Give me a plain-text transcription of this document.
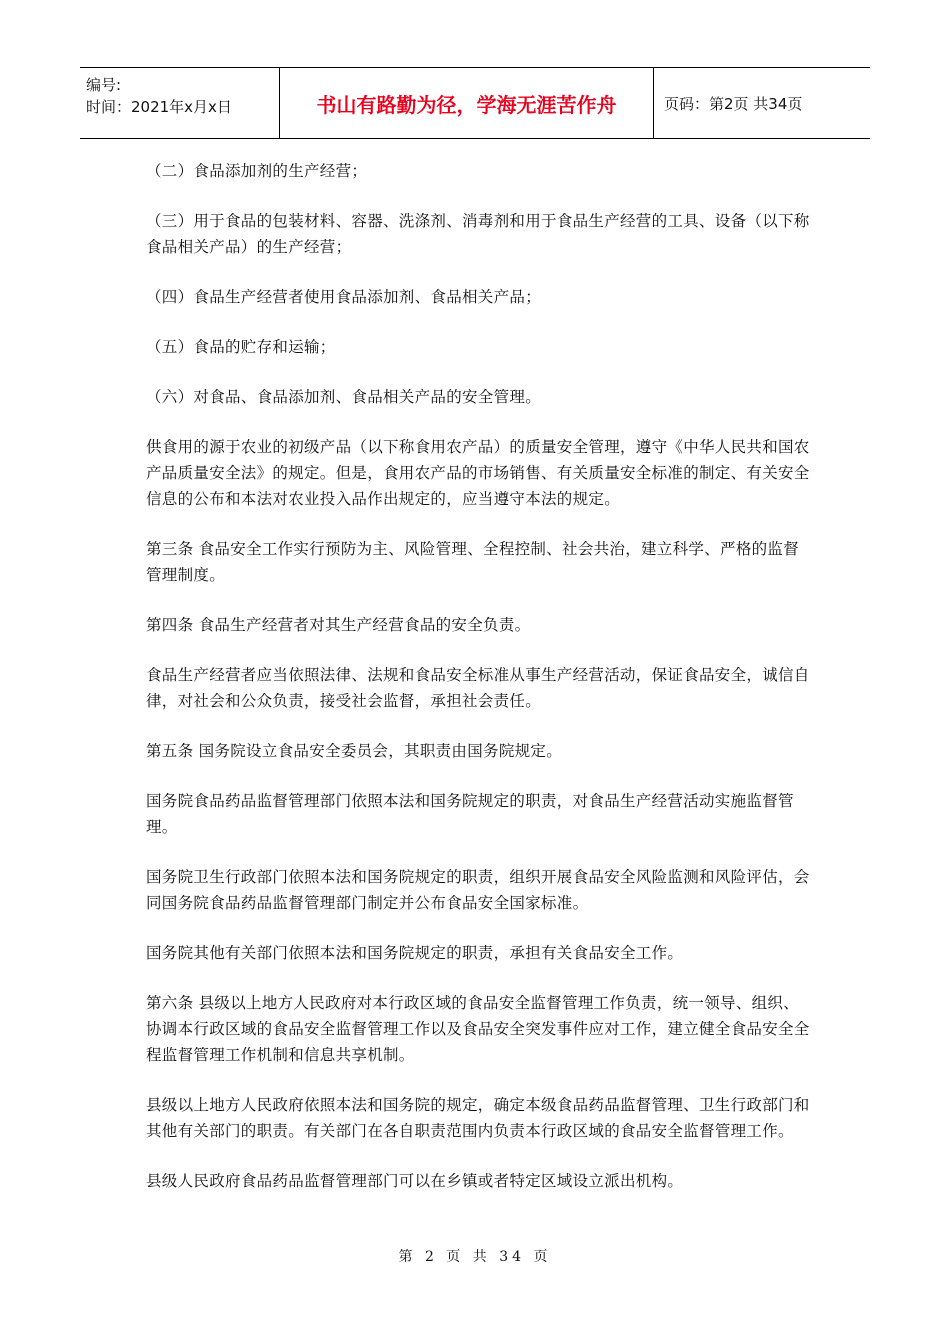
编号:
时间：2021年x月x日	书山有路勤为径，学海无涯苦作舟	页码：第2页 共34页

（二）食品添加剂的生产经营；

（三）用于食品的包装材料、容器、洗涤剂、消毒剂和用于食品生产经营的工具、设备（以下称食品相关产品）的生产经营；

（四）食品生产经营者使用食品添加剂、食品相关产品；

（五）食品的贮存和运输；

（六）对食品、食品添加剂、食品相关产品的安全管理。

供食用的源于农业的初级产品（以下称食用农产品）的质量安全管理，遵守《中华人民共和国农产品质量安全法》的规定。但是，食用农产品的市场销售、有关质量安全标准的制定、有关安全信息的公布和本法对农业投入品作出规定的，应当遵守本法的规定。

第三条 食品安全工作实行预防为主、风险管理、全程控制、社会共治，建立科学、严格的监督管理制度。

第四条 食品生产经营者对其生产经营食品的安全负责。

食品生产经营者应当依照法律、法规和食品安全标准从事生产经营活动，保证食品安全，诚信自律，对社会和公众负责，接受社会监督，承担社会责任。

第五条 国务院设立食品安全委员会，其职责由国务院规定。

国务院食品药品监督管理部门依照本法和国务院规定的职责，对食品生产经营活动实施监督管理。

国务院卫生行政部门依照本法和国务院规定的职责，组织开展食品安全风险监测和风险评估，会同国务院食品药品监督管理部门制定并公布食品安全国家标准。

国务院其他有关部门依照本法和国务院规定的职责，承担有关食品安全工作。

第六条 县级以上地方人民政府对本行政区域的食品安全监督管理工作负责，统一领导、组织、协调本行政区域的食品安全监督管理工作以及食品安全突发事件应对工作，建立健全食品安全全程监督管理工作机制和信息共享机制。

县级以上地方人民政府依照本法和国务院的规定，确定本级食品药品监督管理、卫生行政部门和其他有关部门的职责。有关部门在各自职责范围内负责本行政区域的食品安全监督管理工作。

县级人民政府食品药品监督管理部门可以在乡镇或者特定区域设立派出机构。

第 2 页 共 34 页
